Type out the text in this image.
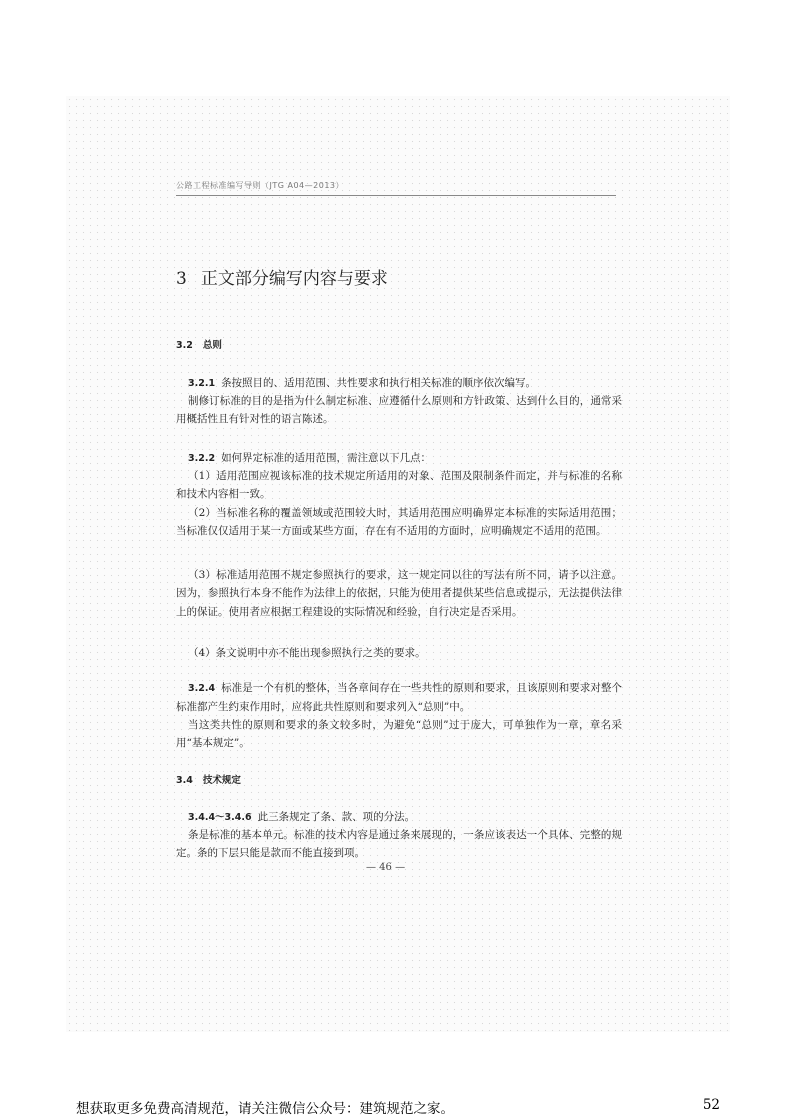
公路工程标准编写导则（JTG A04—2013）
3 正文部分编写内容与要求
3.2 总则

3.2.1 条按照目的、适用范围、共性要求和执行相关标准的顺序依次编写。

制修订标准的目的是指为什么制定标准、应遵循什么原则和方针政策、达到什么目的，通常采用概括性且有针对性的语言陈述。

3.2.2 如何界定标准的适用范围，需注意以下几点：

（1）适用范围应视该标准的技术规定所适用的对象、范围及限制条件而定，并与标准的名称和技术内容相一致。

（2）当标准名称的覆盖领域或范围较大时，其适用范围应明确界定本标准的实际适用范围；当标准仅仅适用于某一方面或某些方面，存在有不适用的方面时，应明确规定不适用的范围。

（3）标准适用范围不规定参照执行的要求，这一规定同以往的写法有所不同，请予以注意。因为，参照执行本身不能作为法律上的依据，只能为使用者提供某些信息或提示，无法提供法律上的保证。使用者应根据工程建设的实际情况和经验，自行决定是否采用。

（4）条文说明中亦不能出现参照执行之类的要求。

3.2.4 标准是一个有机的整体，当各章间存在一些共性的原则和要求，且该原则和要求对整个标准都产生约束作用时，应将此共性原则和要求列入“总则”中。

当这类共性的原则和要求的条文较多时，为避免“总则”过于庞大，可单独作为一章，章名采用“基本规定”。

3.4 技术规定

3.4.4～3.4.6 此三条规定了条、款、项的分法。

条是标准的基本单元。标准的技术内容是通过条来展现的，一条应该表达一个具体、完整的规定。条的下层只能是款而不能直接到项。

— 46 —
想获取更多免费高清规范，请关注微信公众号：建筑规范之家。	52
